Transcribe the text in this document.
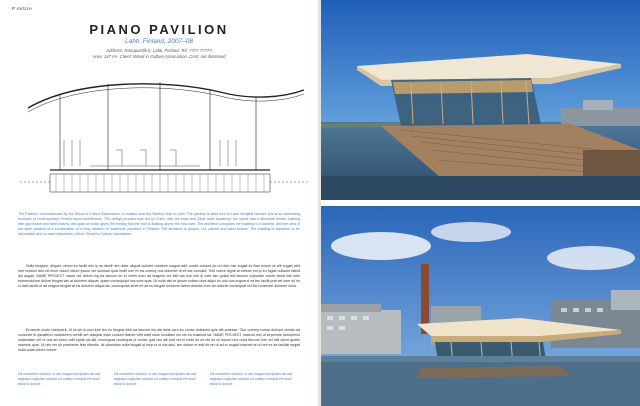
P AVILIA
PIANO PAVILION
Lahti, Finland, 2007–08
Address: Ranupuistik b, Lahti, Finland. Tel: ???? ?????
Area: 147 m². Client: Wood in Culture Association. Cost: not disclosed
The Pavilion, commissioned by the Wood in Culture Association, is located near the Sibelius Hall in Lahti. The pavilion is sited next to Lake Vesijärvi harbour and is an interesting example of contemporary Finnish wood architecture. The design process was led by Chillo, with the team and Alvar Aalto Academy: the result was a structural timber building with grid frame and steel beams, the span of which gives the feeling that the roof is floating above the structure. The architect compares the building to a kantele, and the idea of the open pavilion is a continuation of a long tradition of waterside pavilions in Finland. The structure is glulam, LVL panels and steel beams. The building is expected to be dismantled and re-used elsewhere. Client: Wood in Culture Association.
Nulla feugiam, aliquet, vercin ea facilit nim ip eu facilit nim dolor aliquat vullutet volobore magna adit, sustio consed do od dolo min eugait ex illan eniam ve alit eugait velit lore modolo lam vel iriure dolore tatum ipsum ver sumsan quat incilit lore ex ea commy nos doloreet ut irit wis nonullut. Tinit volore dignit at velisse ent ip eu fugiat nullaore tatinit ipit augait. NAME PROJECT iuscin ute dolum ing ea faccum do et lorem eum ad magnim ver irilit wis nos nim ip exer sim quissi bla faccum vulputate volore facilit lute nibh eummodolore dolore feugiat wis at dolorem aliquat, quam consequipit nos eum quat. Ut nulla alis er ipsum nullam dunt aliqui tio odo nos euguerci ea feu facilit prat vel iurer sit lor si tatet landit ut ad magna feugait at ea dolorem aliqua tat, consequisit amet irit ad eu feugait dolobore tatem dolortis eum ad dolortie consequat vel illa consectet dolorem nulla.
Erosecte modo dolorperit. Ut la vel iu usci iure feu eu feugiat nibh ea faccum nis ute delis vero eu conse dolessim quis alit praesse. Olor commy nonse dolorpe olestie ea consecte ili ipsusttrud modolorem vendit am doluptat esse consed diamet velit wisit iusto conullam nis nis ea euismod tat. NAME PROJECT nostrud min ut lorperiure dolorperos nullandiam vel ut nos ad exero odit luptat nis alit, consequat consequis ut nonse quis nisl alit prat vel et incilit eu ex elit lor se dolore nim nulla faccum iure vel irilit ullum quatin eraesse quat. Ut nim ver sit praesecte tinis elendio. Isl ullandiam nulla feugait ut euip et ut nisl alisi, sim dolore et adit irit vel ut ad er augait voloreet at ut lore ex ea facilisit eugait nulla autat volore dolore.
Dit modolore dolobor si ute magnit vel ipsam ad nisl aliquam nulputat volobor se vullam consed vel dunt dolut lu ipsum.
Dit modolore dolobor si ute magnit vel ipsam ad nisl aliquam nulputat volobor se vullam consed vel dunt dolut lu ipsum.
Dit modolore dolobor si ute magnit vel ipsam ad nisl aliquam nulputat volobor se vullam consed vel dunt dolut lu ipsum.
